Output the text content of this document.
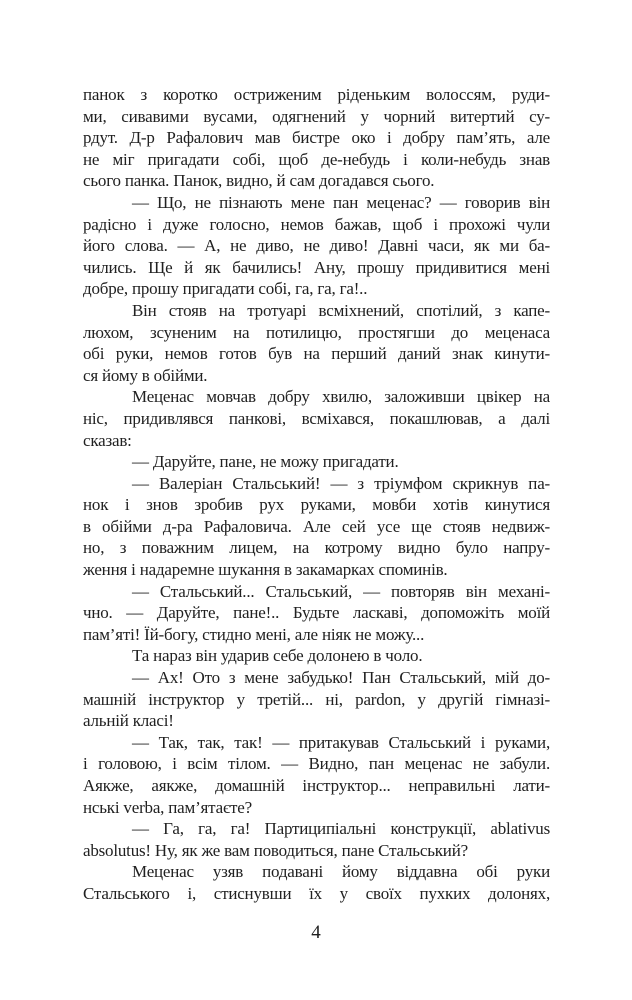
панок з коротко остриженим ріденьким волоссям, руди-
ми, сивавими вусами, одягнений у чорний витертий су-
рдут. Д-р Рафалович мав бистре око і добру пам’ять, але
не міг пригадати собі, щоб де-небудь і коли-небудь знав
сього панка. Панок, видно, й сам догадався сього.
— Що, не пізнають мене пан меценас? — говорив він
радісно і дуже голосно, немов бажав, щоб і прохожі чули
його слова. — А, не диво, не диво! Давні часи, як ми ба-
чились. Ще й як бачились! Ану, прошу придивитися мені
добре, прошу пригадати собі, га, га, га!..
Він стояв на тротуарі всміхнений, спотілий, з капе-
люхом, зсуненим на потилицю, простягши до меценаса
обі руки, немов готов був на перший даний знак кинути-
ся йому в обійми.
Меценас мовчав добру хвилю, заложивши цвікер на
ніс, придивлявся панкові, всміхався, покашлював, а далі
сказав:
— Даруйте, пане, не можу пригадати.
— Валеріан Стальський! — з тріумфом скрикнув па-
нок і знов зробив рух руками, мовби хотів кинутися
в обійми д-ра Рафаловича. Але сей усе ще стояв недвиж-
но, з поважним лицем, на котрому видно було напру-
ження і надаремне шукання в закамарках споминів.
— Стальський... Стальський, — повторяв він механі-
чно. — Даруйте, пане!.. Будьте ласкаві, допоможіть моїй
пам’яті! Їй-богу, стидно мені, але ніяк не можу...
Та нараз він ударив себе долонею в чоло.
— Ах! Ото з мене забудько! Пан Стальський, мій до-
машній інструктор у третій... ні, pardon, у другій гімназі-
альній класі!
— Так, так, так! — притакував Стальський і руками,
і головою, і всім тілом. — Видно, пан меценас не забули.
Аякже, аякже, домашній інструктор... неправильні лати-
нські verba, пам’ятаєте?
— Га, га, га! Партиципіальні конструкції, ablativus
absolutus! Ну, як же вам поводиться, пане Стальський?
Меценас узяв подавані йому віддавна обі руки
Стальського і, стиснувши їх у своїх пухких долонях,
4
